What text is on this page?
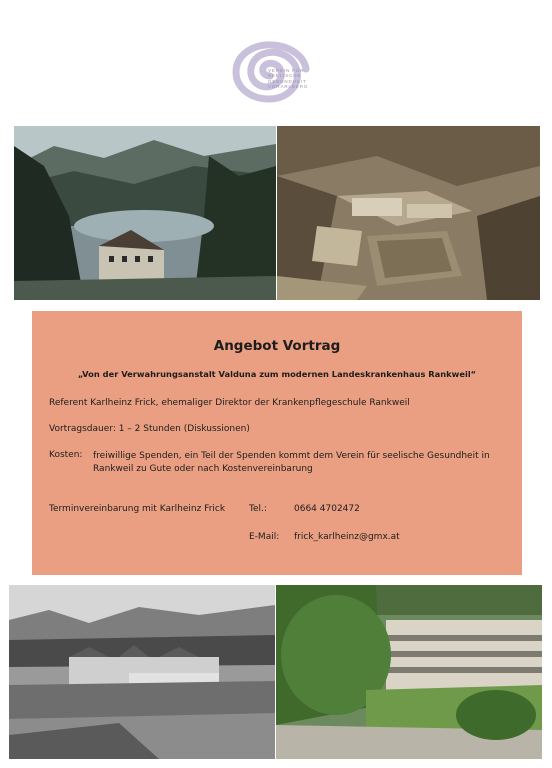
VEREIN FÜR
SEELISCHE
GESUNDHEIT
VORARLBERG
Angebot Vortrag
„Von der Verwahrungsanstalt Valduna zum modernen Landeskrankenhaus Rankweil“
Referent Karlheinz Frick, ehemaliger Direktor der Krankenpflegeschule Rankweil
Vortragsdauer: 1 – 2 Stunden (Diskussionen)
Kosten: freiwillige Spenden, ein Teil der Spenden kommt dem Verein für seelische Gesundheit in Rankweil zu Gute oder nach Kostenvereinbarung
Terminvereinbarung mit Karlheinz Frick	Tel.:	0664 4702472
E-Mail: frick_karlheinz@gmx.at
